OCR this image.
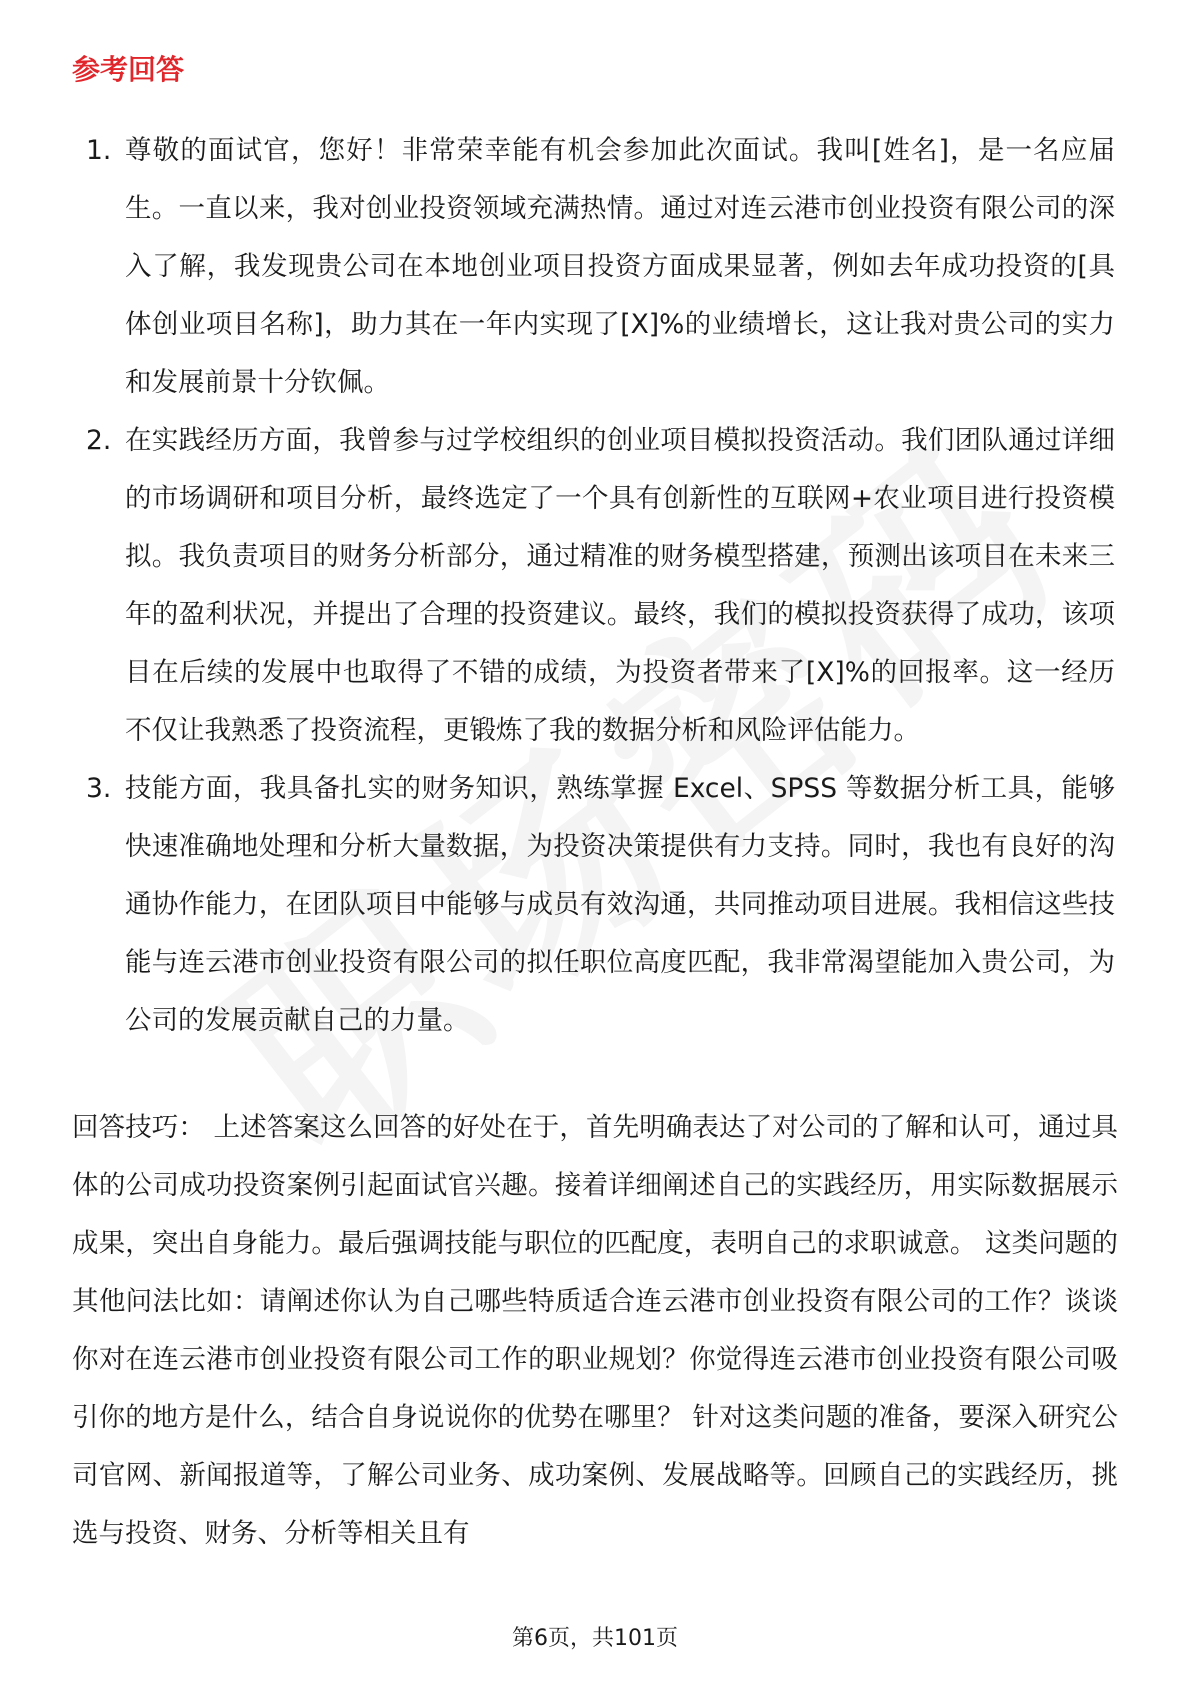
参考回答
1. 尊敬的面试官，您好！非常荣幸能有机会参加此次面试。我叫[姓名]，是一名应届生。一直以来，我对创业投资领域充满热情。通过对连云港市创业投资有限公司的深入了解，我发现贵公司在本地创业项目投资方面成果显著，例如去年成功投资的[具体创业项目名称]，助力其在一年内实现了[X]%的业绩增长，这让我对贵公司的实力和发展前景十分钦佩。
2. 在实践经历方面，我曾参与过学校组织的创业项目模拟投资活动。我们团队通过详细的市场调研和项目分析，最终选定了一个具有创新性的互联网+农业项目进行投资模拟。我负责项目的财务分析部分，通过精准的财务模型搭建，预测出该项目在未来三年的盈利状况，并提出了合理的投资建议。最终，我们的模拟投资获得了成功，该项目在后续的发展中也取得了不错的成绩，为投资者带来了[X]%的回报率。这一经历不仅让我熟悉了投资流程，更锻炼了我的数据分析和风险评估能力。
3. 技能方面，我具备扎实的财务知识，熟练掌握 Excel、SPSS 等数据分析工具，能够快速准确地处理和分析大量数据，为投资决策提供有力支持。同时，我也有良好的沟通协作能力，在团队项目中能够与成员有效沟通，共同推动项目进展。我相信这些技能与连云港市创业投资有限公司的拟任职位高度匹配，我非常渴望能加入贵公司，为公司的发展贡献自己的力量。

回答技巧： 上述答案这么回答的好处在于，首先明确表达了对公司的了解和认可，通过具体的公司成功投资案例引起面试官兴趣。接着详细阐述自己的实践经历，用实际数据展示成果，突出自身能力。最后强调技能与职位的匹配度，表明自己的求职诚意。 这类问题的其他问法比如：请阐述你认为自己哪些特质适合连云港市创业投资有限公司的工作？谈谈你对在连云港市创业投资有限公司工作的职业规划？你觉得连云港市创业投资有限公司吸引你的地方是什么，结合自身说说你的优势在哪里？ 针对这类问题的准备，要深入研究公司官网、新闻报道等，了解公司业务、成功案例、发展战略等。回顾自己的实践经历，挑选与投资、财务、分析等相关且有

第6页，共101页
